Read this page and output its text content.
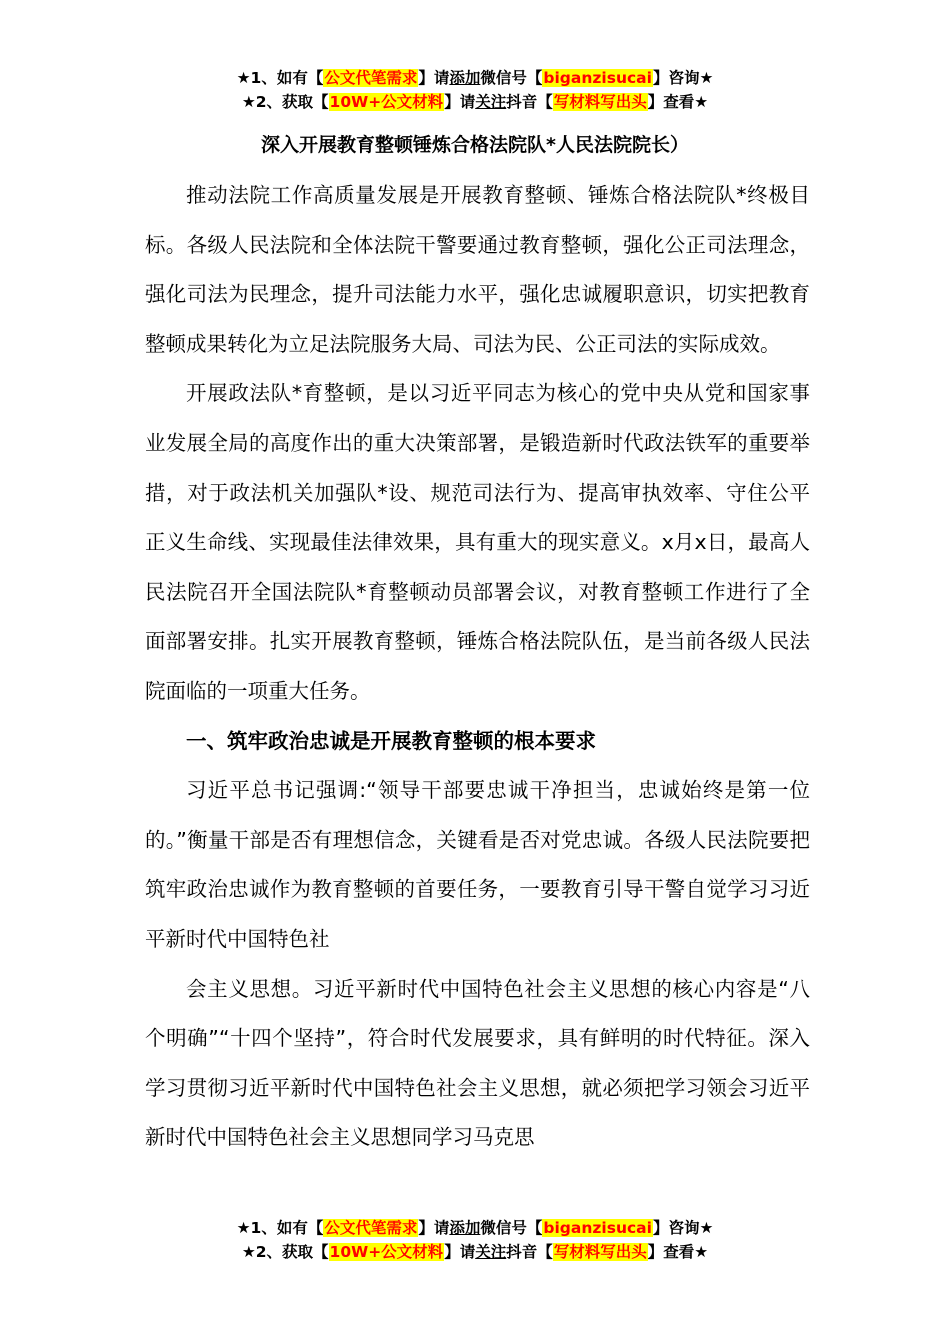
★1、如有【公文代笔需求】请添加微信号【biganzisucai】咨询★
★2、获取【10W+公文材料】请关注抖音【写材料写出头】查看★
深入开展教育整顿锤炼合格法院队*人民法院院长）

推动法院工作高质量发展是开展教育整顿、锤炼合格法院队*终极目标。各级人民法院和全体法院干警要通过教育整顿，强化公正司法理念，强化司法为民理念，提升司法能力水平，强化忠诚履职意识，切实把教育整顿成果转化为立足法院服务大局、司法为民、公正司法的实际成效。

开展政法队*育整顿，是以习近平同志为核心的党中央从党和国家事业发展全局的高度作出的重大决策部署，是锻造新时代政法铁军的重要举措，对于政法机关加强队*设、规范司法行为、提高审执效率、守住公平正义生命线、实现最佳法律效果，具有重大的现实意义。x月x日，最高人民法院召开全国法院队*育整顿动员部署会议，对教育整顿工作进行了全面部署安排。扎实开展教育整顿，锤炼合格法院队伍，是当前各级人民法院面临的一项重大任务。

一、筑牢政治忠诚是开展教育整顿的根本要求

习近平总书记强调:“领导干部要忠诚干净担当，忠诚始终是第一位的。”衡量干部是否有理想信念，关键看是否对党忠诚。各级人民法院要把筑牢政治忠诚作为教育整顿的首要任务，一要教育引导干警自觉学习习近平新时代中国特色社

会主义思想。习近平新时代中国特色社会主义思想的核心内容是“八个明确”“十四个坚持”，符合时代发展要求，具有鲜明的时代特征。深入学习贯彻习近平新时代中国特色社会主义思想，就必须把学习领会习近平新时代中国特色社会主义思想同学习马克思

★1、如有【公文代笔需求】请添加微信号【biganzisucai】咨询★
★2、获取【10W+公文材料】请关注抖音【写材料写出头】查看★
